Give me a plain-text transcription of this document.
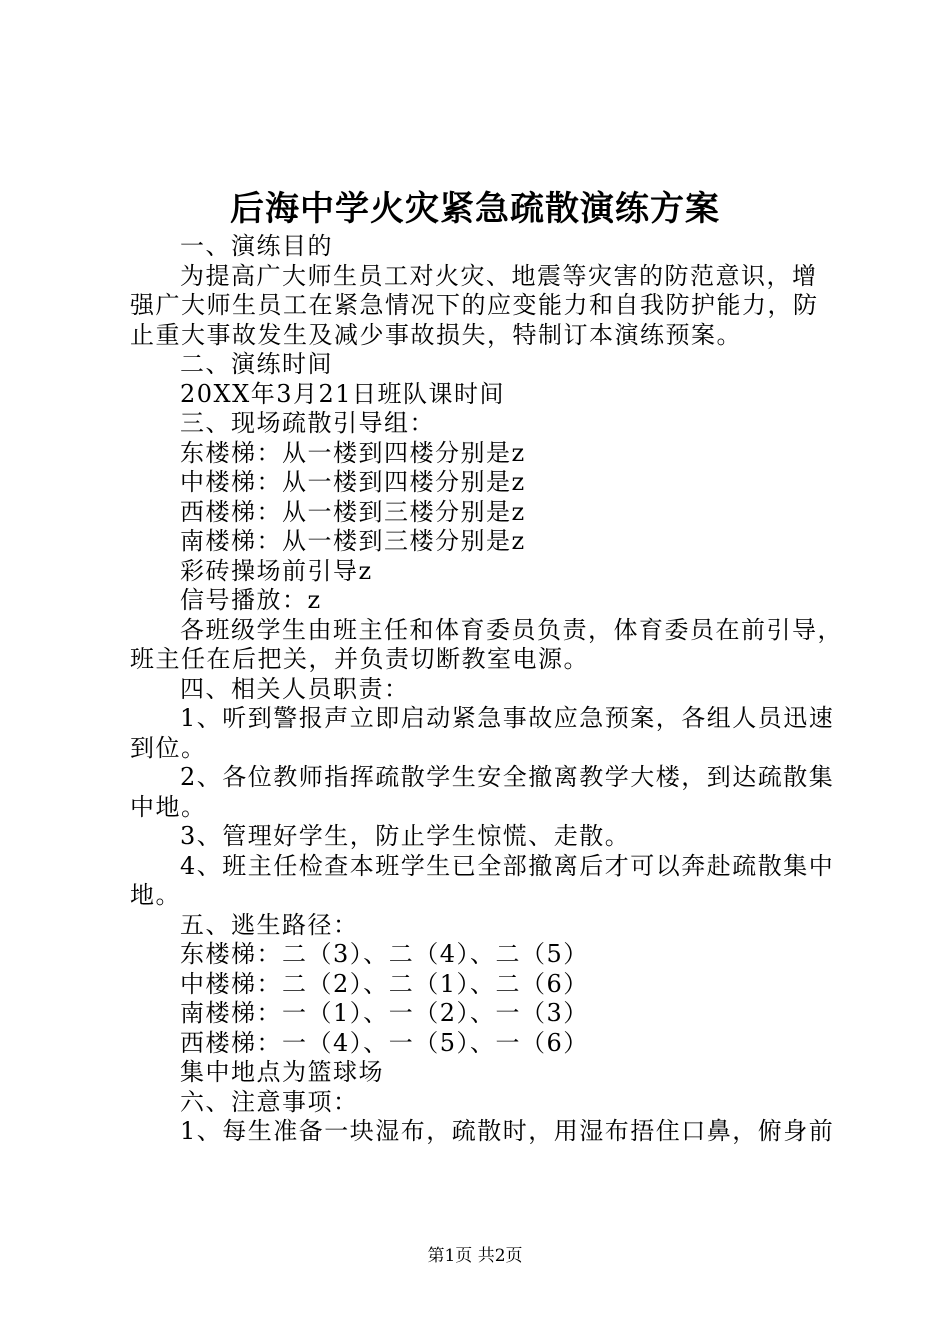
后海中学火灾紧急疏散演练方案
一、演练目的
为提高广大师生员工对火灾、地震等灾害的防范意识，增
强广大师生员工在紧急情况下的应变能力和自我防护能力，防
止重大事故发生及减少事故损失，特制订本演练预案。
二、演练时间
20XX年3月21日班队课时间
三、现场疏散引导组：
东楼梯：从一楼到四楼分别是z
中楼梯：从一楼到四楼分别是z
西楼梯：从一楼到三楼分别是z
南楼梯：从一楼到三楼分别是z
彩砖操场前引导z
信号播放：z
各班级学生由班主任和体育委员负责，体育委员在前引导，
班主任在后把关，并负责切断教室电源。
四、相关人员职责：
1、听到警报声立即启动紧急事故应急预案，各组人员迅速
到位。
2、各位教师指挥疏散学生安全撤离教学大楼，到达疏散集
中地。
3、管理好学生，防止学生惊慌、走散。
4、班主任检查本班学生已全部撤离后才可以奔赴疏散集中
地。
五、逃生路径：
东楼梯：二（3）、二（4）、二（5）
中楼梯：二（2）、二（1）、二（6）
南楼梯：一（1）、一（2）、一（3）
西楼梯：一（4）、一（5）、一（6）
集中地点为篮球场
六、注意事项：
1、每生准备一块湿布，疏散时，用湿布捂住口鼻，俯身前
第1页 共2页
